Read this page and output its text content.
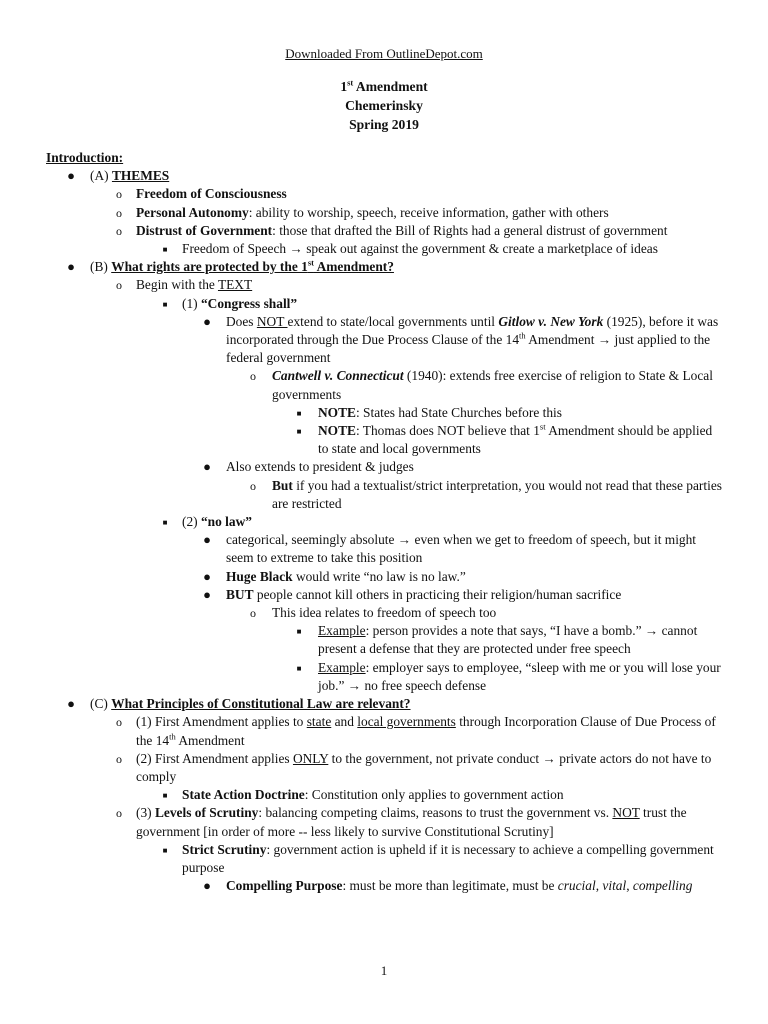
Downloaded From OutlineDepot.com
1st Amendment
Chemerinsky
Spring 2019
Introduction:
● (A) THEMES
o Freedom of Consciousness
o Personal Autonomy: ability to worship, speech, receive information, gather with others
o Distrust of Government: those that drafted the Bill of Rights had a general distrust of government
■	Freedom of Speech → speak out against the government & create a marketplace of ideas
● (B) What rights are protected by the 1st Amendment?
o Begin with the TEXT
■	(1) “Congress shall”
● Does NOT extend to state/local governments until Gitlow v. New York (1925), before it was incorporated through the Due Process Clause of the 14th Amendment → just applied to the federal government
o Cantwell v. Connecticut (1940): extends free exercise of religion to State & Local governments
■	NOTE: States had State Churches before this
■	NOTE: Thomas does NOT believe that 1st Amendment should be applied to state and local governments
● Also extends to president & judges
o But if you had a textualist/strict interpretation, you would not read that these parties are restricted
■	(2) “no law”
● categorical, seemingly absolute → even when we get to freedom of speech, but it might seem to extreme to take this position
● Huge Black would write “no law is no law.”
● BUT people cannot kill others in practicing their religion/human sacrifice
o This idea relates to freedom of speech too
■	Example: person provides a note that says, “I have a bomb.” → cannot present a defense that they are protected under free speech
■	Example: employer says to employee, “sleep with me or you will lose your job.” → no free speech defense
● (C) What Principles of Constitutional Law are relevant?
o (1) First Amendment applies to state and local governments through Incorporation Clause of Due Process of the 14th Amendment
o (2) First Amendment applies ONLY to the government, not private conduct → private actors do not have to comply
■	State Action Doctrine: Constitution only applies to government action
o (3) Levels of Scrutiny: balancing competing claims, reasons to trust the government vs. NOT trust the government [in order of more -- less likely to survive Constitutional Scrutiny]
■	Strict Scrutiny: government action is upheld if it is necessary to achieve a compelling government purpose
● Compelling Purpose: must be more than legitimate, must be crucial, vital, compelling
1
